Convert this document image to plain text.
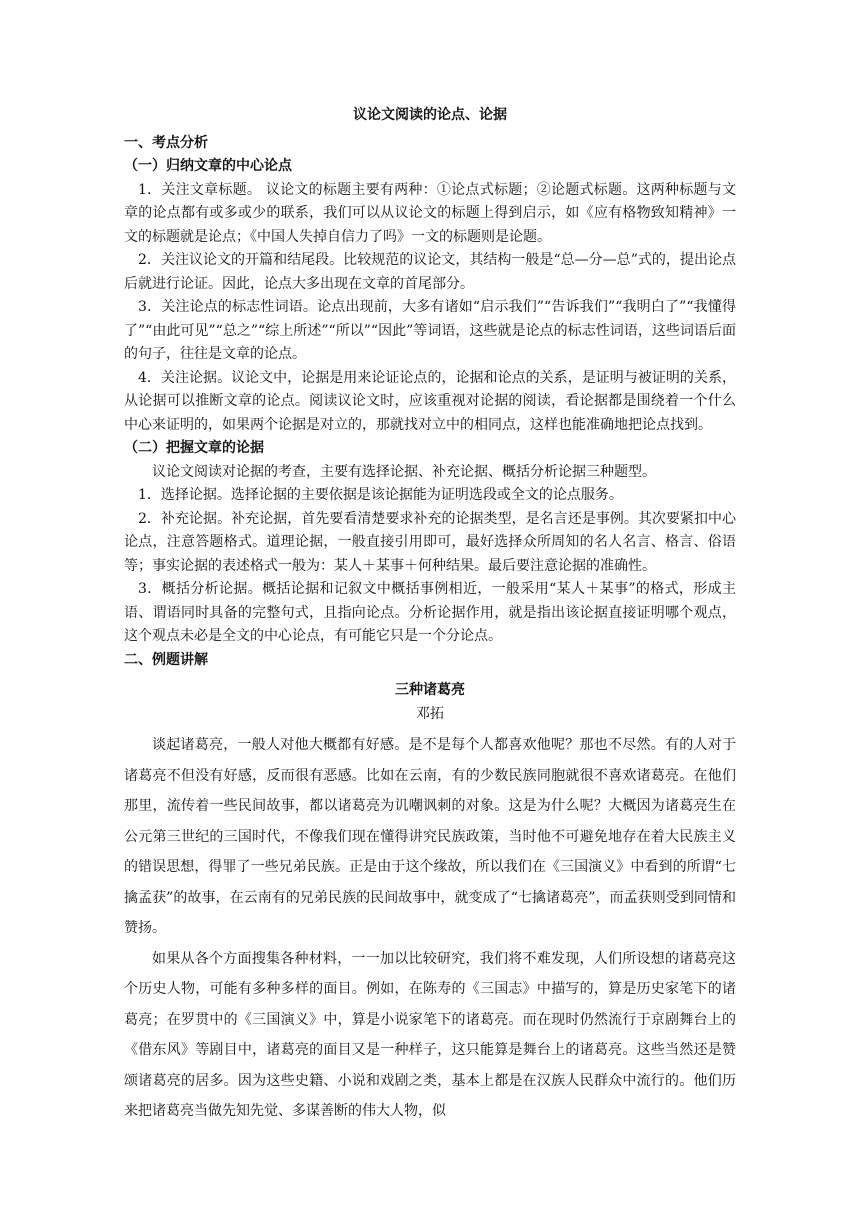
议论文阅读的论点、论据
一、考点分析
（一）归纳文章的中心论点

1．关注文章标题。 议论文的标题主要有两种：①论点式标题；②论题式标题。这两种标题与文章的论点都有或多或少的联系，我们可以从议论文的标题上得到启示，如《应有格物致知精神》一文的标题就是论点；《中国人失掉自信力了吗》一文的标题则是论题。

2．关注议论文的开篇和结尾段。比较规范的议论文，其结构一般是“总—分—总”式的，提出论点后就进行论证。因此，论点大多出现在文章的首尾部分。

3．关注论点的标志性词语。论点出现前，大多有诸如“启示我们”“告诉我们”“我明白了”“我懂得了”“由此可见”“总之”“综上所述”“所以”“因此”等词语，这些就是论点的标志性词语，这些词语后面的句子，往往是文章的论点。

4．关注论据。议论文中，论据是用来论证论点的，论据和论点的关系，是证明与被证明的关系，从论据可以推断文章的论点。阅读议论文时，应该重视对论据的阅读，看论据都是围绕着一个什么中心来证明的，如果两个论据是对立的，那就找对立中的相同点，这样也能准确地把论点找到。

（二）把握文章的论据

议论文阅读对论据的考查，主要有选择论据、补充论据、概括分析论据三种题型。

1．选择论据。选择论据的主要依据是该论据能为证明选段或全文的论点服务。

2．补充论据。补充论据，首先要看清楚要求补充的论据类型，是名言还是事例。其次要紧扣中心论点，注意答题格式。道理论据，一般直接引用即可，最好选择众所周知的名人名言、格言、俗语等；事实论据的表述格式一般为：某人＋某事＋何种结果。最后要注意论据的准确性。

3．概括分析论据。概括论据和记叙文中概括事例相近，一般采用“某人＋某事”的格式，形成主语、谓语同时具备的完整句式，且指向论点。分析论据作用，就是指出该论据直接证明哪个观点，这个观点未必是全文的中心论点，有可能它只是一个分论点。

二、例题讲解
三种诸葛亮
邓拓

谈起诸葛亮，一般人对他大概都有好感。是不是每个人都喜欢他呢？那也不尽然。有的人对于诸葛亮不但没有好感，反而很有恶感。比如在云南，有的少数民族同胞就很不喜欢诸葛亮。在他们那里，流传着一些民间故事，都以诸葛亮为讥嘲讽刺的对象。这是为什么呢？大概因为诸葛亮生在公元第三世纪的三国时代，不像我们现在懂得讲究民族政策，当时他不可避免地存在着大民族主义的错误思想，得罪了一些兄弟民族。正是由于这个缘故，所以我们在《三国演义》中看到的所谓“七擒孟获”的故事，在云南有的兄弟民族的民间故事中，就变成了“七擒诸葛亮”，而孟获则受到同情和赞扬。

如果从各个方面搜集各种材料，一一加以比较研究，我们将不难发现，人们所设想的诸葛亮这个历史人物，可能有多种多样的面目。例如，在陈寿的《三国志》中描写的，算是历史家笔下的诸葛亮；在罗贯中的《三国演义》中，算是小说家笔下的诸葛亮。而在现时仍然流行于京剧舞台上的《借东风》等剧目中，诸葛亮的面目又是一种样子，这只能算是舞台上的诸葛亮。这些当然还是赞颂诸葛亮的居多。因为这些史籍、小说和戏剧之类，基本上都是在汉族人民群众中流行的。他们历来把诸葛亮当做先知先觉、多谋善断的伟大人物，似
